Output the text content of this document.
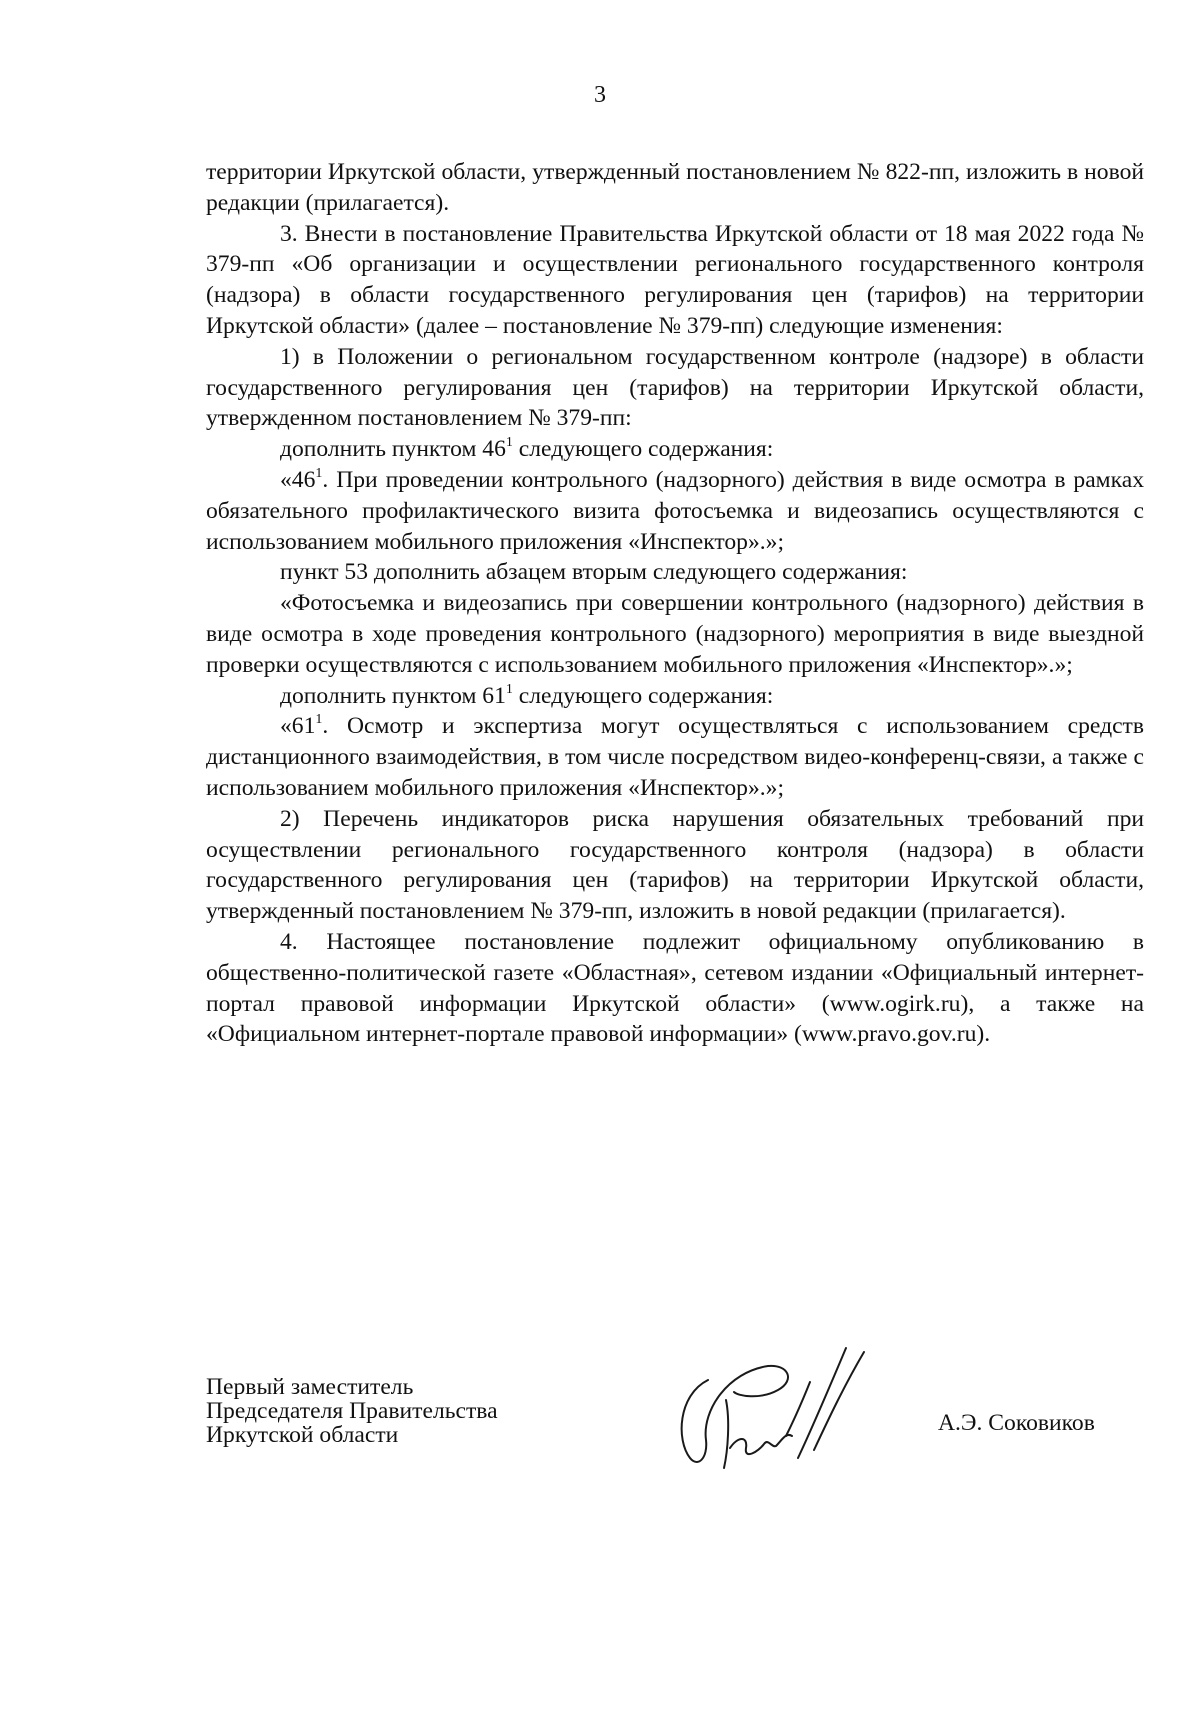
3

территории Иркутской области, утвержденный постановлением № 822-пп, изложить в новой редакции (прилагается).

3. Внести в постановление Правительства Иркутской области от 18 мая 2022 года № 379-пп «Об организации и осуществлении регионального государственного контроля (надзора) в области государственного регулирования цен (тарифов) на территории Иркутской области» (далее – постановление № 379-пп) следующие изменения:

1) в Положении о региональном государственном контроле (надзоре) в области государственного регулирования цен (тарифов) на территории Иркутской области, утвержденном постановлением № 379-пп:

дополнить пунктом $46^1$ следующего содержания:

«$46^1$. При проведении контрольного (надзорного) действия в виде осмотра в рамках обязательного профилактического визита фотосъемка и видеозапись осуществляются с использованием мобильного приложения «Инспектор».»;

пункт 53 дополнить абзацем вторым следующего содержания:

«Фотосъемка и видеозапись при совершении контрольного (надзорного) действия в виде осмотра в ходе проведения контрольного (надзорного) мероприятия в виде выездной проверки осуществляются с использованием мобильного приложения «Инспектор».»;

дополнить пунктом $61^1$ следующего содержания:

«$61^1$. Осмотр и экспертиза могут осуществляться с использованием средств дистанционного взаимодействия, в том числе посредством видео-конференц-связи, а также с использованием мобильного приложения «Инспектор».»;

2) Перечень индикаторов риска нарушения обязательных требований при осуществлении регионального государственного контроля (надзора) в области государственного регулирования цен (тарифов) на территории Иркутской области, утвержденный постановлением № 379-пп, изложить в новой редакции (прилагается).

4. Настоящее постановление подлежит официальному опубликованию в общественно-политической газете «Областная», сетевом издании «Официальный интернет-портал правовой информации Иркутской области» (www.ogirk.ru), а также на «Официальном интернет-портале правовой информации» (www.pravo.gov.ru).

Первый заместитель
Председателя Правительства
Иркутской области	А.Э. Соковиков
